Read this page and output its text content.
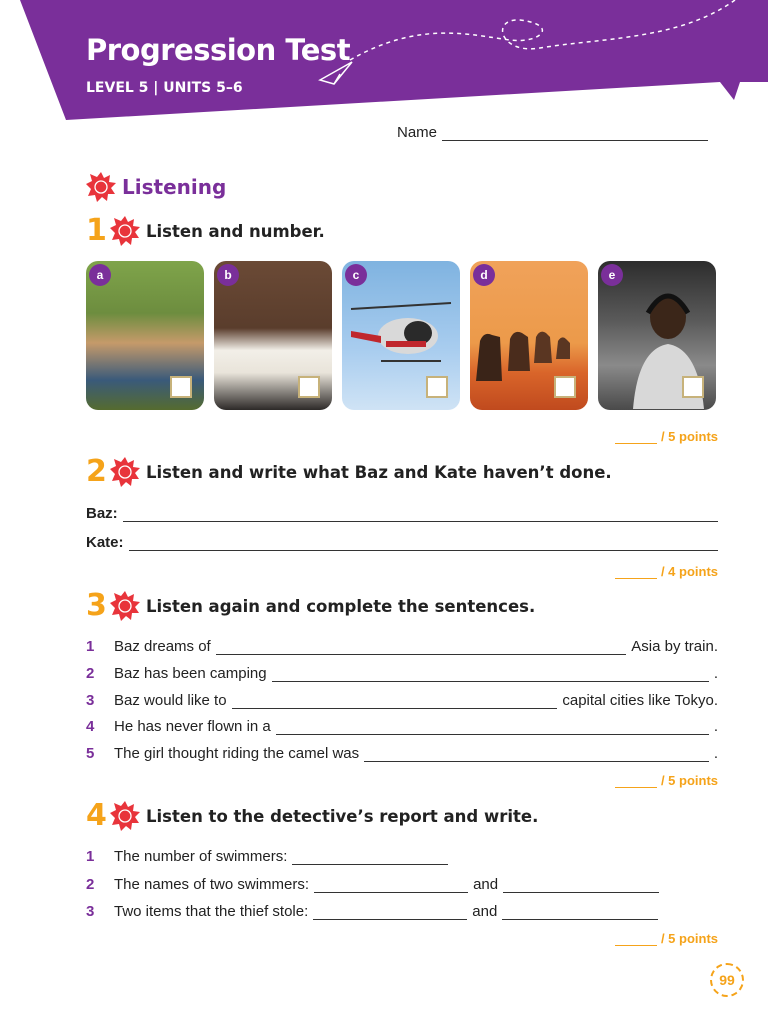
Progression Test
LEVEL 5 | UNITS 5–6
Name
Listening
1 Listen and number.
a	b	c	d	e
/ 5 points
2 Listen and write what Baz and Kate haven’t done.
Baz:
Kate:
/ 4 points
3 Listen again and complete the sentences.
1	Baz dreams of	Asia by train.
2	Baz has been camping	.
3	Baz would like to	capital cities like Tokyo.
4	He has never flown in a	.
5	The girl thought riding the camel was	.
/ 5 points
4 Listen to the detective’s report and write.
1	The number of swimmers:
2	The names of two swimmers:	and
3	Two items that the thief stole:	and
/ 5 points
99
